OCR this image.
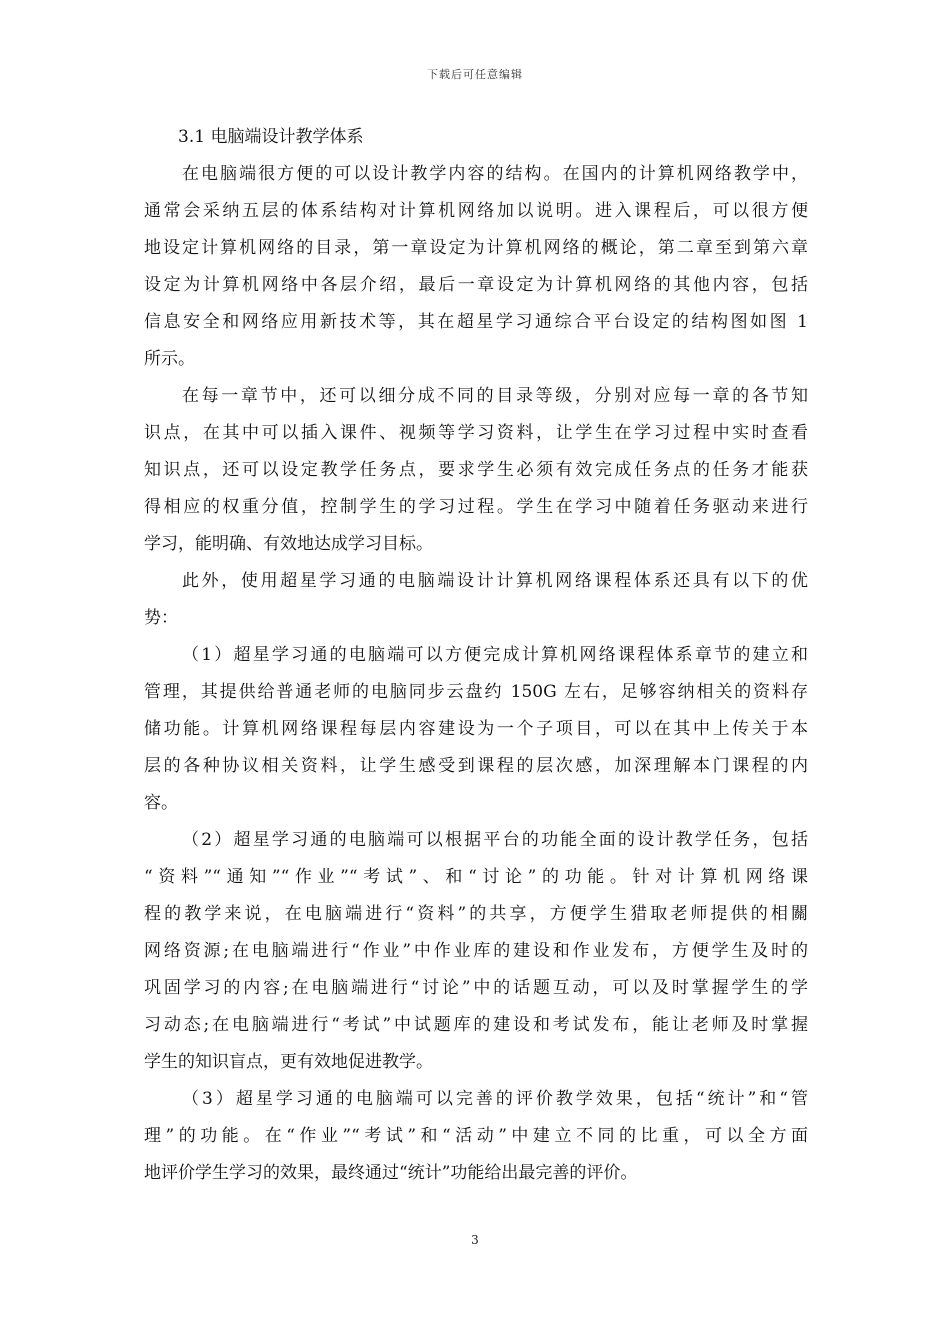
下载后可任意编辑
3.1 电脑端设计教学体系
在电脑端很方便的可以设计教学内容的结构。在国内的计算机网络教学中，
通常会采纳五层的体系结构对计算机网络加以说明。进入课程后，可以很方便
地设定计算机网络的目录，第一章设定为计算机网络的概论，第二章至到第六章
设定为计算机网络中各层介绍，最后一章设定为计算机网络的其他内容，包括
信息安全和网络应用新技术等，其在超星学习通综合平台设定的结构图如图 1
所示。
在每一章节中，还可以细分成不同的目录等级，分别对应每一章的各节知
识点，在其中可以插入课件、视频等学习资料，让学生在学习过程中实时查看
知识点，还可以设定教学任务点，要求学生必须有效完成任务点的任务才能获
得相应的权重分值，控制学生的学习过程。学生在学习中随着任务驱动来进行
学习，能明确、有效地达成学习目标。
此外，使用超星学习通的电脑端设计计算机网络课程体系还具有以下的优
势：
（1）超星学习通的电脑端可以方便完成计算机网络课程体系章节的建立和
管理，其提供给普通老师的电脑同步云盘约 150G 左右，足够容纳相关的资料存
储功能。计算机网络课程每层内容建设为一个子项目，可以在其中上传关于本
层的各种协议相关资料，让学生感受到课程的层次感，加深理解本门课程的内
容。
（2）超星学习通的电脑端可以根据平台的功能全面的设计教学任务，包括
“资料”“通知”“作业”“考试”、和“讨论”的功能。针对计算机网络课
程的教学来说，在电脑端进行“资料”的共享，方便学生猎取老师提供的相關
网络资源;在电脑端进行“作业”中作业库的建设和作业发布，方便学生及时的
巩固学习的内容;在电脑端进行“讨论”中的话题互动，可以及时掌握学生的学
习动态;在电脑端进行“考试”中试题库的建设和考试发布，能让老师及时掌握
学生的知识盲点，更有效地促进教学。
（3）超星学习通的电脑端可以完善的评价教学效果，包括“统计”和“管
理”的功能。在“作业”“考试”和“活动”中建立不同的比重，可以全方面
地评价学生学习的效果，最终通过“统计”功能给出最完善的评价。
3
